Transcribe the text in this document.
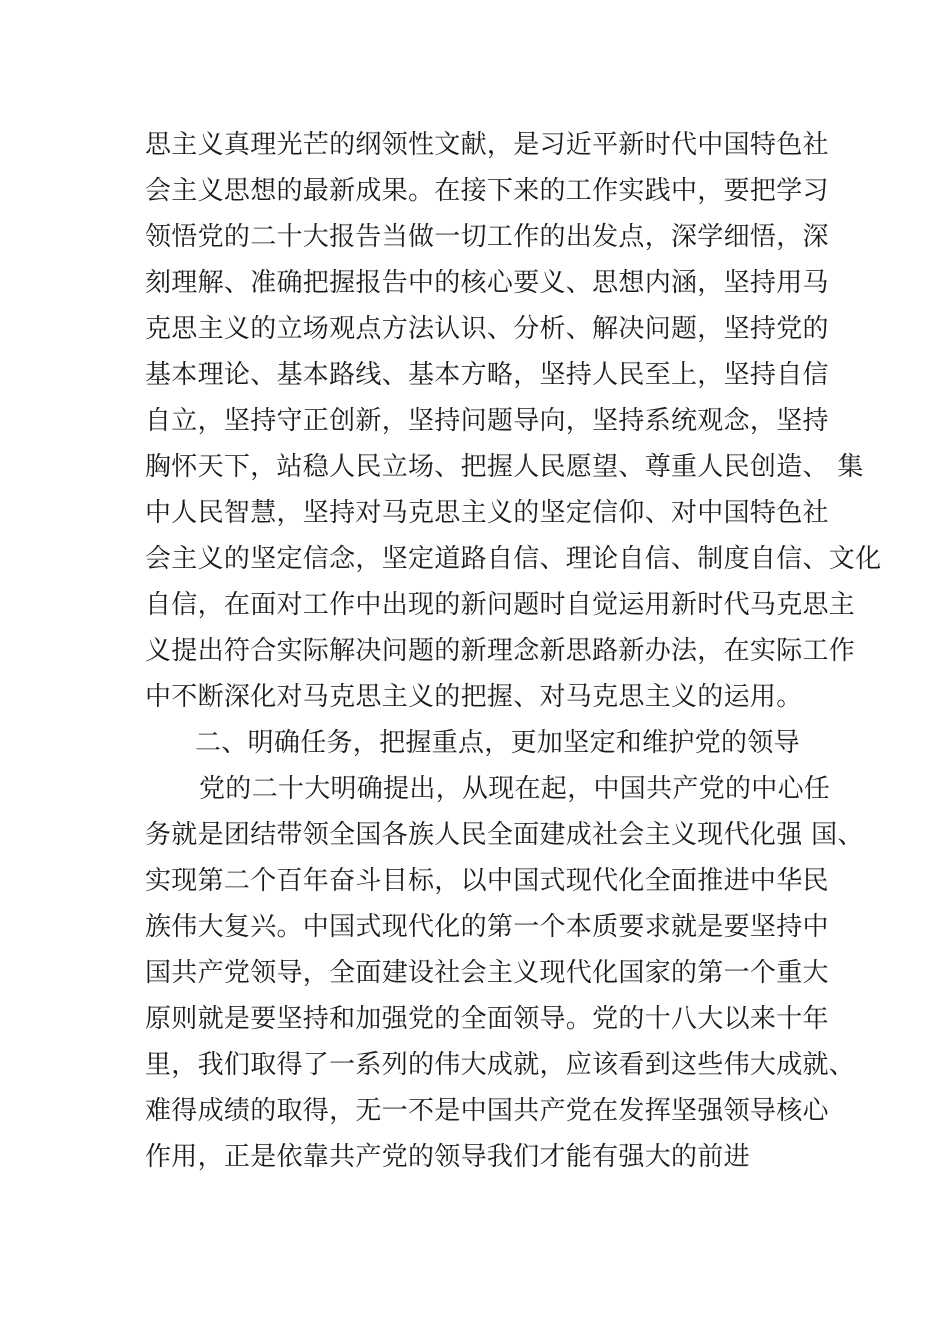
思主义真理光芒的纲领性文献，是习近平新时代中国特色社
会主义思想的最新成果。在接下来的工作实践中，要把学习
领悟党的二十大报告当做一切工作的出发点，深学细悟，深
刻理解、准确把握报告中的核心要义、思想内涵，坚持用马
克思主义的立场观点方法认识、分析、解决问题，坚持党的
基本理论、基本路线、基本方略，坚持人民至上，坚持自信
自立，坚持守正创新，坚持问题导向，坚持系统观念，坚持
胸怀天下，站稳人民立场、把握人民愿望、尊重人民创造、 集
中人民智慧，坚持对马克思主义的坚定信仰、对中国特色社
会主义的坚定信念，坚定道路自信、理论自信、制度自信、文化
自信，在面对工作中出现的新问题时自觉运用新时代马克思主
义提出符合实际解决问题的新理念新思路新办法，在实际工作
中不断深化对马克思主义的把握、对马克思主义的运用。
二、明确任务，把握重点，更加坚定和维护党的领导
党的二十大明确提出，从现在起，中国共产党的中心任
务就是团结带领全国各族人民全面建成社会主义现代化强 国、
实现第二个百年奋斗目标，以中国式现代化全面推进中华民
族伟大复兴。中国式现代化的第一个本质要求就是要坚持中
国共产党领导，全面建设社会主义现代化国家的第一个重大
原则就是要坚持和加强党的全面领导。党的十八大以来十年
里，我们取得了一系列的伟大成就，应该看到这些伟大成就、
难得成绩的取得，无一不是中国共产党在发挥坚强领导核心
作用，正是依靠共产党的领导我们才能有强大的前进
